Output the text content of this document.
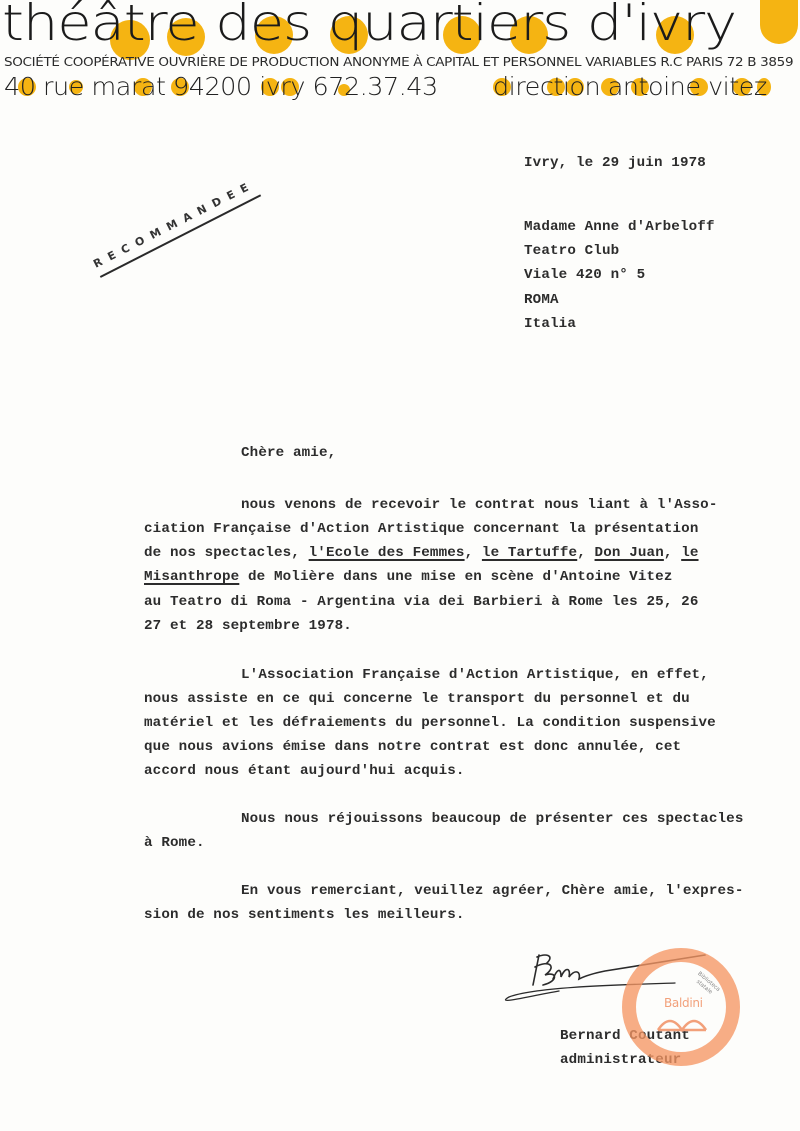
théâtre des quartiers d'ivry
SOCIÉTÉ COOPÉRATIVE OUVRIÈRE DE PRODUCTION ANONYME À CAPITAL ET PERSONNEL VARIABLES R.C PARIS 72 B 3859
40 rue marat 94200 ivry 672.37.43 direction antoine vitez
RECOMMANDEE
Ivry, le 29 juin 1978
Madame Anne d'Arbeloff
Teatro Club
Viale 420 n° 5
ROMA
Italia
Chère amie,
nous venons de recevoir le contrat nous liant à l'Asso-
ciation Française d'Action Artistique concernant la présentation
de nos spectacles, l'Ecole des Femmes, le Tartuffe, Don Juan, le
Misanthrope de Molière dans une mise en scène d'Antoine Vitez
au Teatro di Roma - Argentina via dei Barbieri à Rome les 25, 26
27 et 28 septembre 1978.
L'Association Française d'Action Artistique, en effet,
nous assiste en ce qui concerne le transport du personnel et du
matériel et les défraiements du personnel. La condition suspensive
que nous avions émise dans notre contrat est donc annulée, cet
accord nous étant aujourd'hui acquis.
Nous nous réjouissons beaucoup de présenter ces spectacles
à Rome.
En vous remerciant, veuillez agréer, Chère amie, l'expres-
sion de nos sentiments les meilleurs.
Bernard Coutant
administrateur
Biblioteca statale
Baldini
